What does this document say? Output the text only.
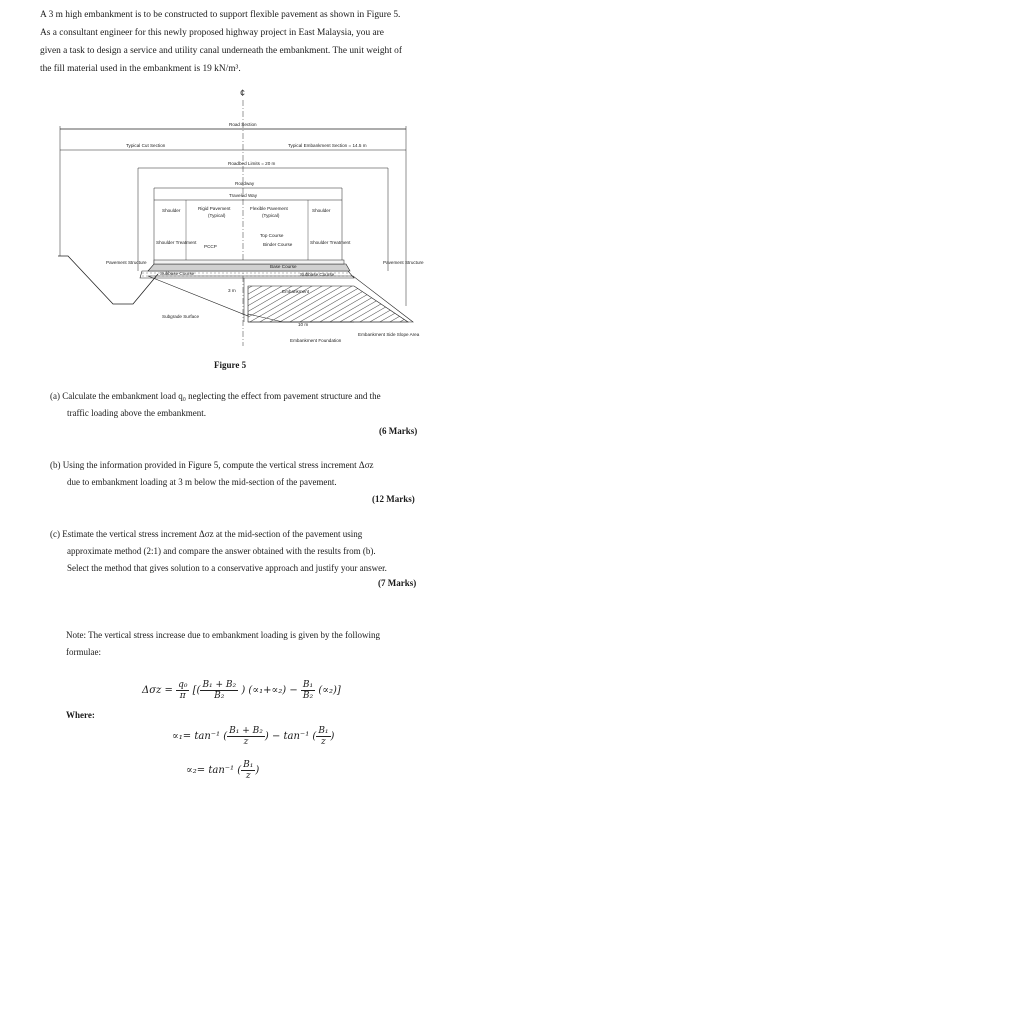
A 3 m high embankment is to be constructed to support flexible pavement as shown in Figure 5.
As a consultant engineer for this newly proposed highway project in East Malaysia, you are
given a task to design a service and utility canal underneath the embankment. The unit weight of
the fill material used in the embankment is 19 kN/m³.
¢
Road Section
Typical Cut Section	Typical Embankment Section = 14.5 m
Roadbed Limits = 20 m
Roadway
Traveled Way
Shoulder	Shoulder
Rigid Pavement
(Typical)
Flexible Pavement
(Typical)
Top Course
Binder Course
Shoulder Treatment	Shoulder Treatment
PCCP
Pavement Structure	Pavement Structure
Base Course
Subbase Course	Subbase Course
Embankment
3 m
10 m
Subgrade Surface
Embankment Foundation
Embankment Side Slope Area
Figure 5
(a) Calculate the embankment load q₀ neglecting the effect from pavement structure and the
traffic loading above the embankment.
(6 Marks)
(b) Using the information provided in Figure 5, compute the vertical stress increment Δσz
due to embankment loading at 3 m below the mid-section of the pavement.
(12 Marks)
(c) Estimate the vertical stress increment Δσz at the mid-section of the pavement using
approximate method (2:1) and compare the answer obtained with the results from (b).
Select the method that gives solution to a conservative approach and justify your answer.
(7 Marks)
Note: The vertical stress increase due to embankment loading is given by the following
formulae:
$\Delta\sigma z = \frac{\text{q₀}}{\pi}$ [( $\frac{\text{B₁ + B₂}}{\text{B₂}}$ ) $(\propto_1+\propto_2) - \frac{\text{B₁}}{\text{B₂}} (\propto_2)$]
Where:
∝₁= tan⁻¹ ( $\frac{\text{B₁ + B₂}}{z}$ ) − tan⁻¹ ( $\frac{\text{B₁}}{z}$ )
∝₂= tan⁻¹ ( $\frac{\text{B₁}}{z}$ )
